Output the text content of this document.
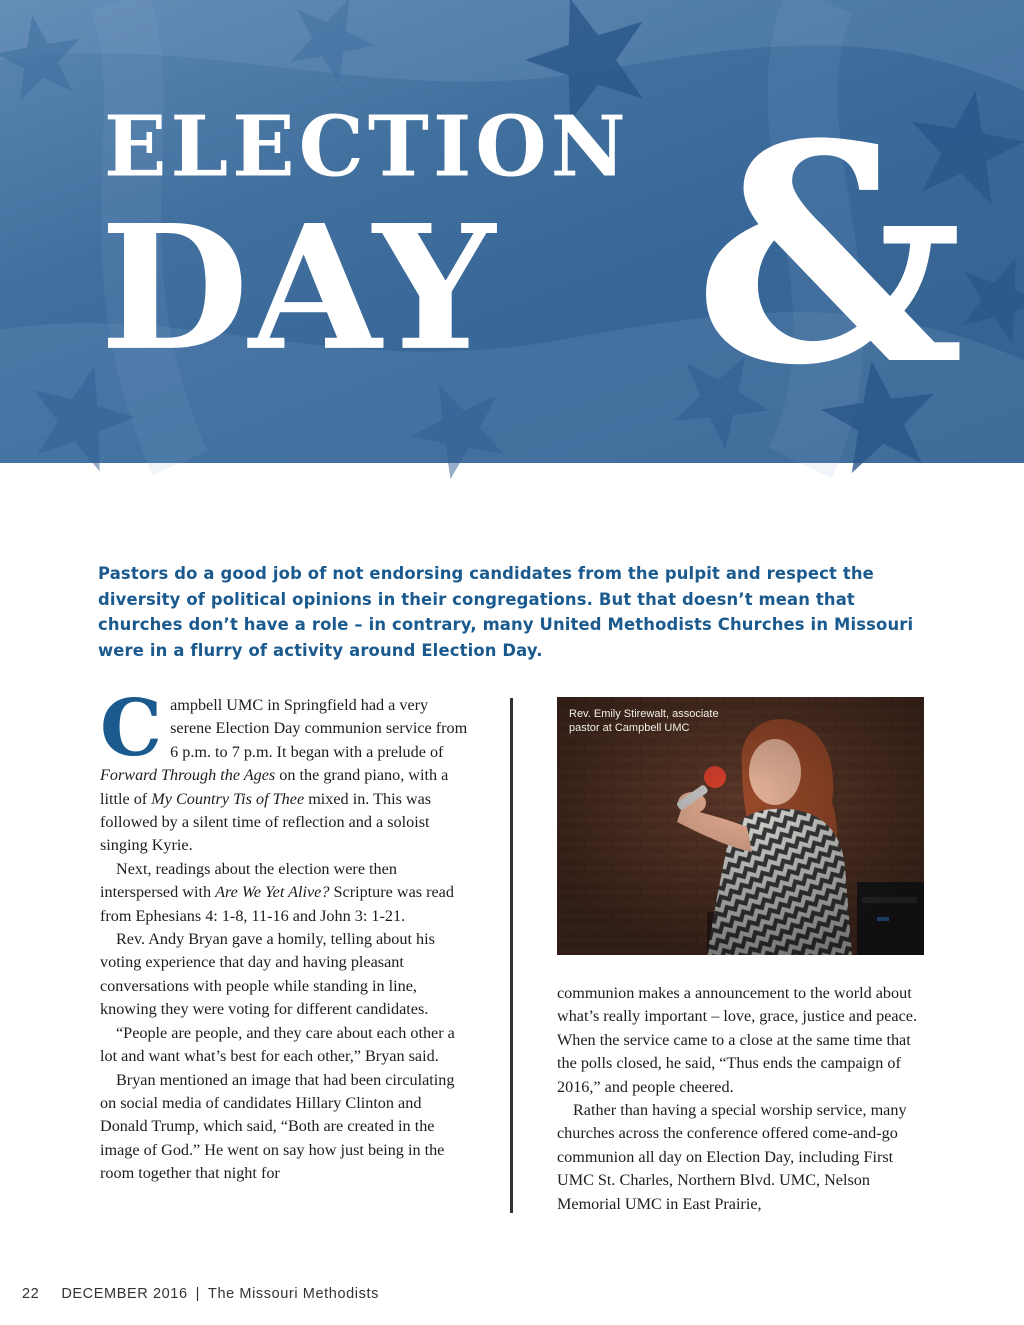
ELECTION
DAY &

Pastors do a good job of not endorsing candidates from the pulpit and respect the diversity of political opinions in their congregations. But that doesn’t mean that churches don’t have a role – in contrary, many United Methodists Churches in Missouri were in a flurry of activity around Election Day.

Campbell UMC in Springfield had a very serene Election Day communion service from 6 p.m. to 7 p.m. It began with a prelude of Forward Through the Ages on the grand piano, with a little of My Country Tis of Thee mixed in. This was followed by a silent time of reflection and a soloist singing Kyrie.

Next, readings about the election were then interspersed with Are We Yet Alive? Scripture was read from Ephesians 4: 1-8, 11-16 and John 3: 1-21.

Rev. Andy Bryan gave a homily, telling about his voting experience that day and having pleasant conversations with people while standing in line, knowing they were voting for different candidates.

“People are people, and they care about each other a lot and want what’s best for each other,” Bryan said.

Bryan mentioned an image that had been circulating on social media of candidates Hillary Clinton and Donald Trump, which said, “Both are created in the image of God.” He went on say how just being in the room together that night for

Rev. Emily Stirewalt, associate pastor at Campbell UMC

communion makes a announcement to the world about what’s really important – love, grace, justice and peace. When the service came to a close at the same time that the polls closed, he said, “Thus ends the campaign of 2016,” and people cheered.

Rather than having a special worship service, many churches across the conference offered come-and-go communion all day on Election Day, including First UMC St. Charles, Northern Blvd. UMC, Nelson Memorial UMC in East Prairie,

22 DECEMBER 2016 | The Missouri Methodists
